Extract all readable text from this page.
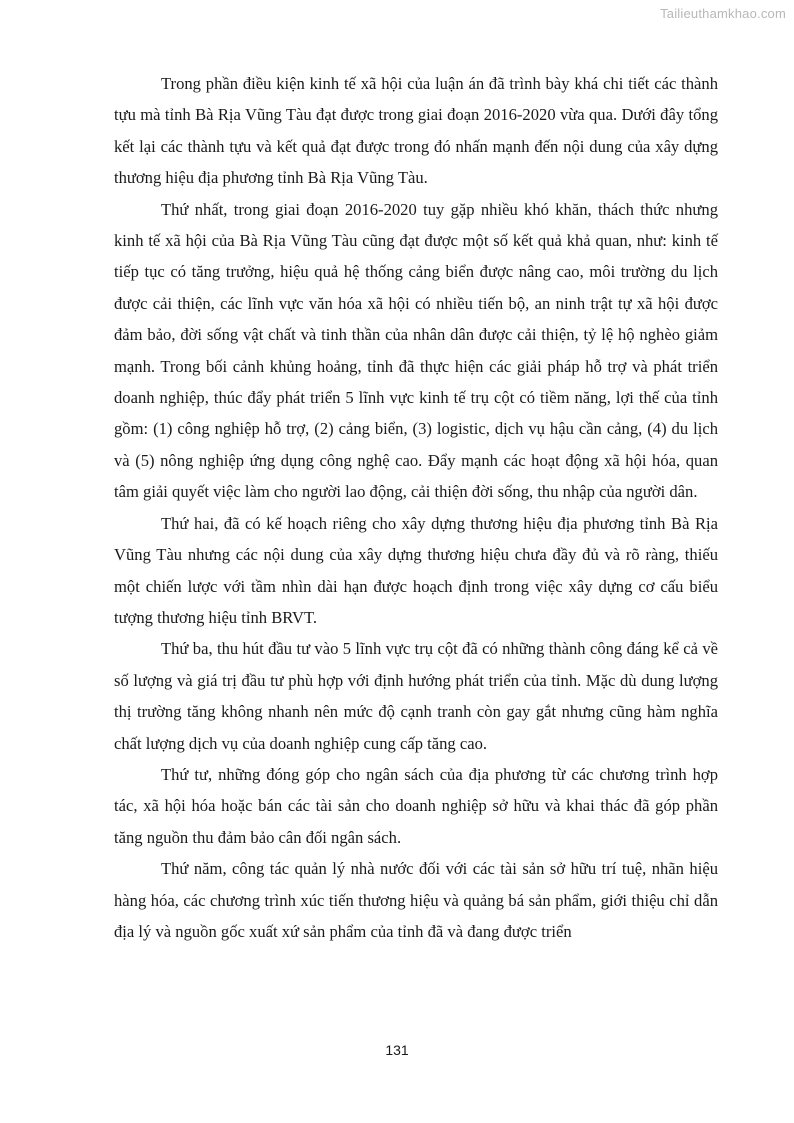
Tailieuthamkhao.com

Trong phần điều kiện kinh tế xã hội của luận án đã trình bày khá chi tiết các thành tựu mà tỉnh Bà Rịa Vũng Tàu đạt được trong giai đoạn 2016-2020 vừa qua. Dưới đây tổng kết lại các thành tựu và kết quả đạt được trong đó nhấn mạnh đến nội dung của xây dựng thương hiệu địa phương tỉnh Bà Rịa Vũng Tàu.

Thứ nhất, trong giai đoạn 2016-2020 tuy gặp nhiều khó khăn, thách thức nhưng kinh tế xã hội của Bà Rịa Vũng Tàu cũng đạt được một số kết quả khả quan, như: kinh tế tiếp tục có tăng trưởng, hiệu quả hệ thống cảng biển được nâng cao, môi trường du lịch được cải thiện, các lĩnh vực văn hóa xã hội có nhiều tiến bộ, an ninh trật tự xã hội được đảm bảo, đời sống vật chất và tinh thần của nhân dân được cải thiện, tỷ lệ hộ nghèo giảm mạnh. Trong bối cảnh khủng hoảng, tỉnh đã thực hiện các giải pháp hỗ trợ và phát triển doanh nghiệp, thúc đẩy phát triển 5 lĩnh vực kinh tế trụ cột có tiềm năng, lợi thế của tỉnh gồm: (1) công nghiệp hỗ trợ, (2) cảng biển, (3) logistic, dịch vụ hậu cần cảng, (4) du lịch và (5) nông nghiệp ứng dụng công nghệ cao. Đẩy mạnh các hoạt động xã hội hóa, quan tâm giải quyết việc làm cho người lao động, cải thiện đời sống, thu nhập của người dân.

Thứ hai, đã có kế hoạch riêng cho xây dựng thương hiệu địa phương tỉnh Bà Rịa Vũng Tàu nhưng các nội dung của xây dựng thương hiệu chưa đầy đủ và rõ ràng, thiếu một chiến lược với tầm nhìn dài hạn được hoạch định trong việc xây dựng cơ cấu biểu tượng thương hiệu tỉnh BRVT.

Thứ ba, thu hút đầu tư vào 5 lĩnh vực trụ cột đã có những thành công đáng kể cả về số lượng và giá trị đầu tư phù hợp với định hướng phát triển của tỉnh. Mặc dù dung lượng thị trường tăng không nhanh nên mức độ cạnh tranh còn gay gắt nhưng cũng hàm nghĩa chất lượng dịch vụ của doanh nghiệp cung cấp tăng cao.

Thứ tư, những đóng góp cho ngân sách của địa phương từ các chương trình hợp tác, xã hội hóa hoặc bán các tài sản cho doanh nghiệp sở hữu và khai thác đã góp phần tăng nguồn thu đảm bảo cân đối ngân sách.

Thứ năm, công tác quản lý nhà nước đối với các tài sản sở hữu trí tuệ, nhãn hiệu hàng hóa, các chương trình xúc tiến thương hiệu và quảng bá sản phẩm, giới thiệu chỉ dẫn địa lý và nguồn gốc xuất xứ sản phẩm của tỉnh đã và đang được triển

131
